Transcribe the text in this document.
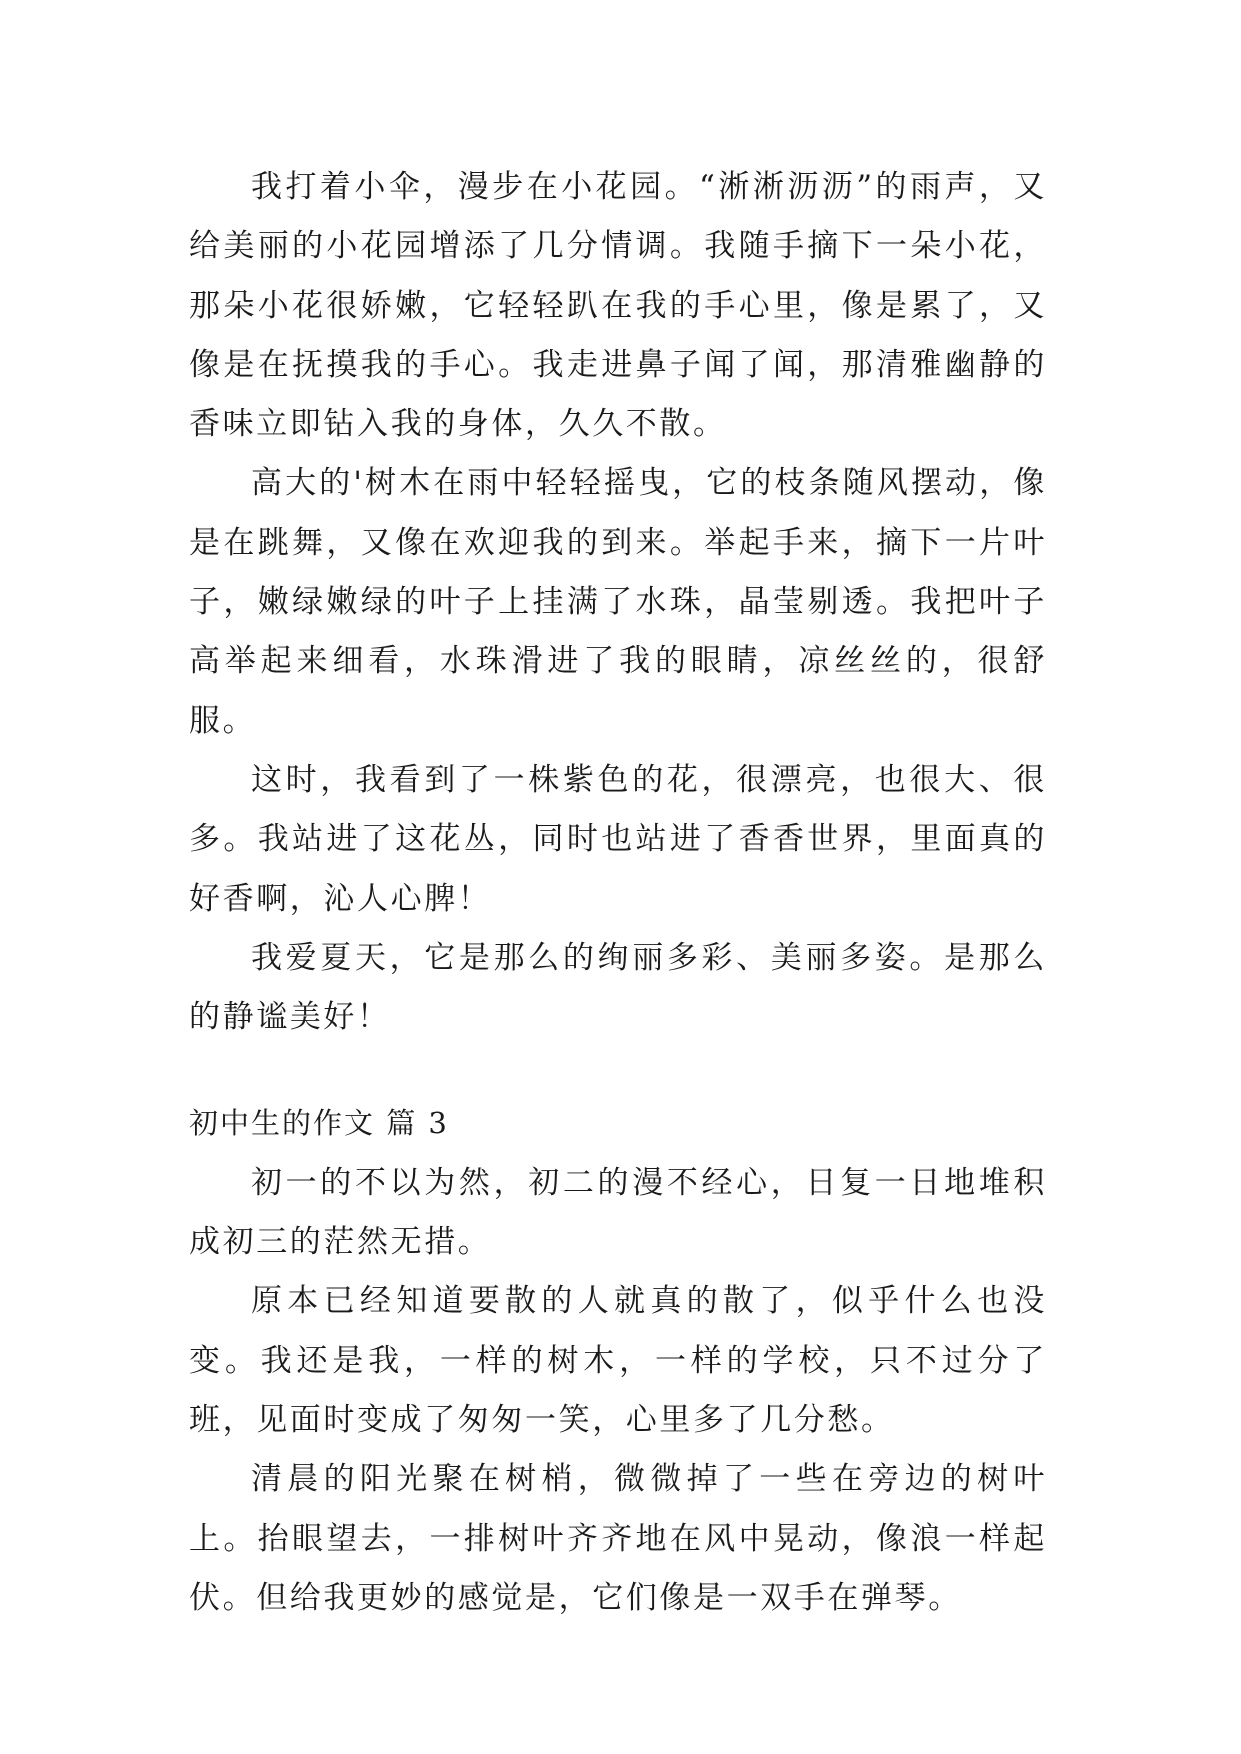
我打着小伞，漫步在小花园。“淅淅沥沥”的雨声，又给美丽的小花园增添了几分情调。我随手摘下一朵小花，那朵小花很娇嫩，它轻轻趴在我的手心里，像是累了，又像是在抚摸我的手心。我走进鼻子闻了闻，那清雅幽静的香味立即钻入我的身体，久久不散。

高大的'树木在雨中轻轻摇曳，它的枝条随风摆动，像是在跳舞，又像在欢迎我的到来。举起手来，摘下一片叶子，嫩绿嫩绿的叶子上挂满了水珠，晶莹剔透。我把叶子高举起来细看，水珠滑进了我的眼睛，凉丝丝的，很舒服。

这时，我看到了一株紫色的花，很漂亮，也很大、很多。我站进了这花丛，同时也站进了香香世界，里面真的好香啊，沁人心脾！

我爱夏天，它是那么的绚丽多彩、美丽多姿。是那么的静谧美好！

初中生的作文 篇 3

初一的不以为然，初二的漫不经心，日复一日地堆积成初三的茫然无措。

原本已经知道要散的人就真的散了，似乎什么也没变。我还是我，一样的树木，一样的学校，只不过分了班，见面时变成了匆匆一笑，心里多了几分愁。

清晨的阳光聚在树梢，微微掉了一些在旁边的树叶上。抬眼望去，一排树叶齐齐地在风中晃动，像浪一样起伏。但给我更妙的感觉是，它们像是一双手在弹琴。
